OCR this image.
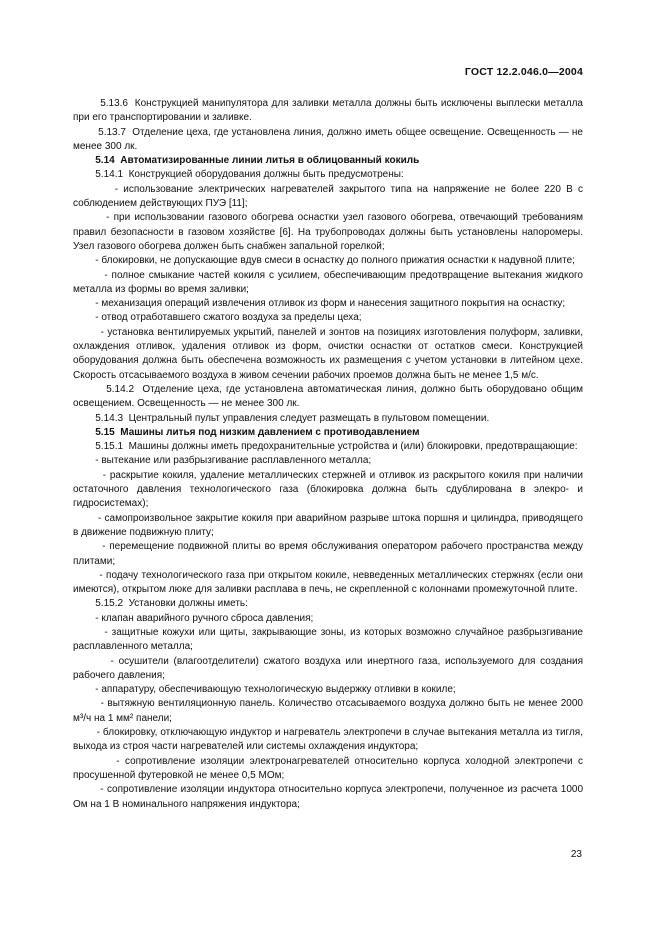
ГОСТ 12.2.046.0—2004

5.13.6  Конструкцией манипулятора для заливки металла должны быть исключены выплески металла при его транспортировании и заливке.

5.13.7  Отделение цеха, где установлена линия, должно иметь общее освещение. Освещенность — не менее 300 лк.

5.14  Автоматизированные линии литья в облицованный кокиль

5.14.1  Конструкцией оборудования должны быть предусмотрены:

- использование электрических нагревателей закрытого типа на напряжение не более 220 В с соблюдением действующих ПУЭ [11];

- при использовании газового обогрева оснастки узел газового обогрева, отвечающий требованиям правил безопасности в газовом хозяйстве [6]. На трубопроводах должны быть установлены напоромеры. Узел газового обогрева должен быть снабжен запальной горелкой;

- блокировки, не допускающие вдув смеси в оснастку до полного прижатия оснастки к надувной плите;

- полное смыкание частей кокиля с усилием, обеспечивающим предотвращение вытекания жидкого металла из формы во время заливки;

- механизация операций извлечения отливок из форм и нанесения защитного покрытия на оснастку;

- отвод отработавшего сжатого воздуха за пределы цеха;

- установка вентилируемых укрытий, панелей и зонтов на позициях изготовления полуформ, заливки, охлаждения отливок, удаления отливок из форм, очистки оснастки от остатков смеси. Конструкцией оборудования должна быть обеспечена возможность их размещения с учетом установки в литейном цехе. Скорость отсасываемого воздуха в живом сечении рабочих проемов должна быть не менее 1,5 м/с.

5.14.2  Отделение цеха, где установлена автоматическая линия, должно быть оборудовано общим освещением. Освещенность — не менее 300 лк.

5.14.3  Центральный пульт управления следует размещать в пультовом помещении.

5.15  Машины литья под низким давлением с противодавлением

5.15.1  Машины должны иметь предохранительные устройства и (или) блокировки, предотвращающие:

- вытекание или разбрызгивание расплавленного металла;

- раскрытие кокиля, удаление металлических стержней и отливок из раскрытого кокиля при наличии остаточного давления технологического газа (блокировка должна быть сдублирована в элекро- и гидросистемах);

- самопроизвольное закрытие кокиля при аварийном разрыве штока поршня и цилиндра, приводящего в движение подвижную плиту;

- перемещение подвижной плиты во время обслуживания оператором рабочего пространства между плитами;

- подачу технологического газа при открытом кокиле, невведенных металлических стержнях (если они имеются), открытом люке для заливки расплава в печь, не скрепленной с колоннами промежуточной плите.

5.15.2  Установки должны иметь:

- клапан аварийного ручного сброса давления;

- защитные кожухи или щиты, закрывающие зоны, из которых возможно случайное разбрызгивание расплавленного металла;

- осушители (влагоотделители) сжатого воздуха или инертного газа, используемого для создания рабочего давления;

- аппаратуру, обеспечивающую технологическую выдержку отливки в кокиле;

- вытяжную вентиляционную панель. Количество отсасываемого воздуха должно быть не менее 2000 м³/ч на 1 мм² панели;

- блокировку, отключающую индуктор и нагреватель электропечи в случае вытекания металла из тигля, выхода из строя части нагревателей или системы охлаждения индуктора;

- сопротивление изоляции электронагревателей относительно корпуса холодной электропечи с просушенной футеровкой не менее 0,5 МОм;

- сопротивление изоляции индуктора относительно корпуса электропечи, полученное из расчета 1000 Ом на 1 В номинального напряжения индуктора;

23
